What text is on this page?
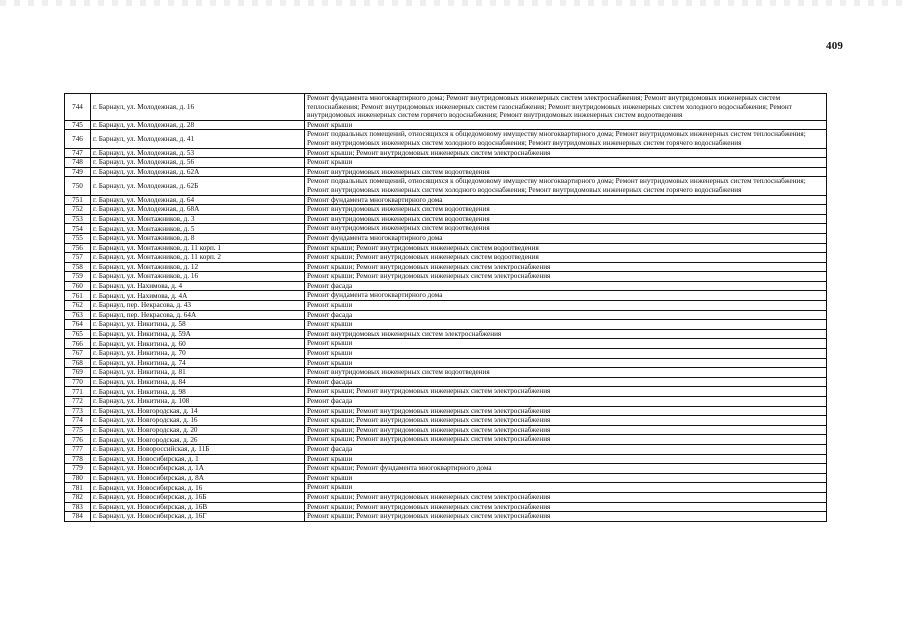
409
744	г. Барнаул, ул. Молодежная, д. 16	Ремонт фундамента многоквартирного дома; Ремонт внутридомовых инженерных систем электроснабжения; Ремонт внутридомовых инженерных систем теплоснабжения; Ремонт внутридомовых инженерных систем газоснабжения; Ремонт внутридомовых инженерных систем холодного водоснабжения; Ремонт внутридомовых инженерных систем горячего водоснабжения; Ремонт внутридомовых инженерных систем водоотведения
745	г. Барнаул, ул. Молодежная, д. 28	Ремонт крыши
746	г. Барнаул, ул. Молодежная, д. 41	Ремонт подвальных помещений, относящихся к общедомовому имуществу многоквартирного дома; Ремонт внутридомовых инженерных систем теплоснабжения; Ремонт внутридомовых инженерных систем холодного водоснабжения; Ремонт внутридомовых инженерных систем горячего водоснабжения
747	г. Барнаул, ул. Молодежная, д. 53	Ремонт крыши; Ремонт внутридомовых инженерных систем электроснабжения
748	г. Барнаул, ул. Молодежная, д. 56	Ремонт крыши
749	г. Барнаул, ул. Молодежная, д. 62А	Ремонт внутридомовых инженерных систем водоотведения
750	г. Барнаул, ул. Молодежная, д. 62Б	Ремонт подвальных помещений, относящихся к общедомовому имуществу многоквартирного дома; Ремонт внутридомовых инженерных систем теплоснабжения; Ремонт внутридомовых инженерных систем холодного водоснабжения; Ремонт внутридомовых инженерных систем горячего водоснабжения
751	г. Барнаул, ул. Молодежная, д. 64	Ремонт фундамента многоквартирного дома
752	г. Барнаул, ул. Молодежная, д. 68А	Ремонт внутридомовых инженерных систем водоотведения
753	г. Барнаул, ул. Монтажников, д. 3	Ремонт внутридомовых инженерных систем водоотведения
754	г. Барнаул, ул. Монтажников, д. 5	Ремонт внутридомовых инженерных систем водоотведения
755	г. Барнаул, ул. Монтажников, д. 8	Ремонт фундамента многоквартирного дома
756	г. Барнаул, ул. Монтажников, д. 11 корп. 1	Ремонт крыши; Ремонт внутридомовых инженерных систем водоотведения
757	г. Барнаул, ул. Монтажников, д. 11 корп. 2	Ремонт крыши; Ремонт внутридомовых инженерных систем водоотведения
758	г. Барнаул, ул. Монтажников, д. 12	Ремонт крыши; Ремонт внутридомовых инженерных систем электроснабжения
759	г. Барнаул, ул. Монтажников, д. 16	Ремонт крыши; Ремонт внутридомовых инженерных систем электроснабжения
760	г. Барнаул, ул. Нахимова, д. 4	Ремонт фасада
761	г. Барнаул, ул. Нахимова, д. 4А	Ремонт фундамента многоквартирного дома
762	г. Барнаул, пер. Некрасова, д. 43	Ремонт крыши
763	г. Барнаул, пер. Некрасова, д. 64А	Ремонт фасада
764	г. Барнаул, ул. Никитина, д. 58	Ремонт крыши
765	г. Барнаул, ул. Никитина, д. 59А	Ремонт внутридомовых инженерных систем электроснабжения
766	г. Барнаул, ул. Никитина, д. 60	Ремонт крыши
767	г. Барнаул, ул. Никитина, д. 70	Ремонт крыши
768	г. Барнаул, ул. Никитина, д. 74	Ремонт крыши
769	г. Барнаул, ул. Никитина, д. 81	Ремонт внутридомовых инженерных систем водоотведения
770	г. Барнаул, ул. Никитина, д. 84	Ремонт фасада
771	г. Барнаул, ул. Никитина, д. 98	Ремонт крыши; Ремонт внутридомовых инженерных систем электроснабжения
772	г. Барнаул, ул. Никитина, д. 108	Ремонт фасада
773	г. Барнаул, ул. Новгородская, д. 14	Ремонт крыши; Ремонт внутридомовых инженерных систем электроснабжения
774	г. Барнаул, ул. Новгородская, д. 16	Ремонт крыши; Ремонт внутридомовых инженерных систем электроснабжения
775	г. Барнаул, ул. Новгородская, д. 20	Ремонт крыши; Ремонт внутридомовых инженерных систем электроснабжения
776	г. Барнаул, ул. Новгородская, д. 26	Ремонт крыши; Ремонт внутридомовых инженерных систем электроснабжения
777	г. Барнаул, ул. Новороссийская, д. 11Б	Ремонт фасада
778	г. Барнаул, ул. Новосибирская, д. 1	Ремонт крыши
779	г. Барнаул, ул. Новосибирская, д. 1А	Ремонт крыши; Ремонт фундамента многоквартирного дома
780	г. Барнаул, ул. Новосибирская, д. 8А	Ремонт крыши
781	г. Барнаул, ул. Новосибирская, д. 16	Ремонт крыши
782	г. Барнаул, ул. Новосибирская, д. 16Б	Ремонт крыши; Ремонт внутридомовых инженерных систем электроснабжения
783	г. Барнаул, ул. Новосибирская, д. 16В	Ремонт крыши; Ремонт внутридомовых инженерных систем электроснабжения
784	г. Барнаул, ул. Новосибирская, д. 16Г	Ремонт крыши; Ремонт внутридомовых инженерных систем электроснабжения
